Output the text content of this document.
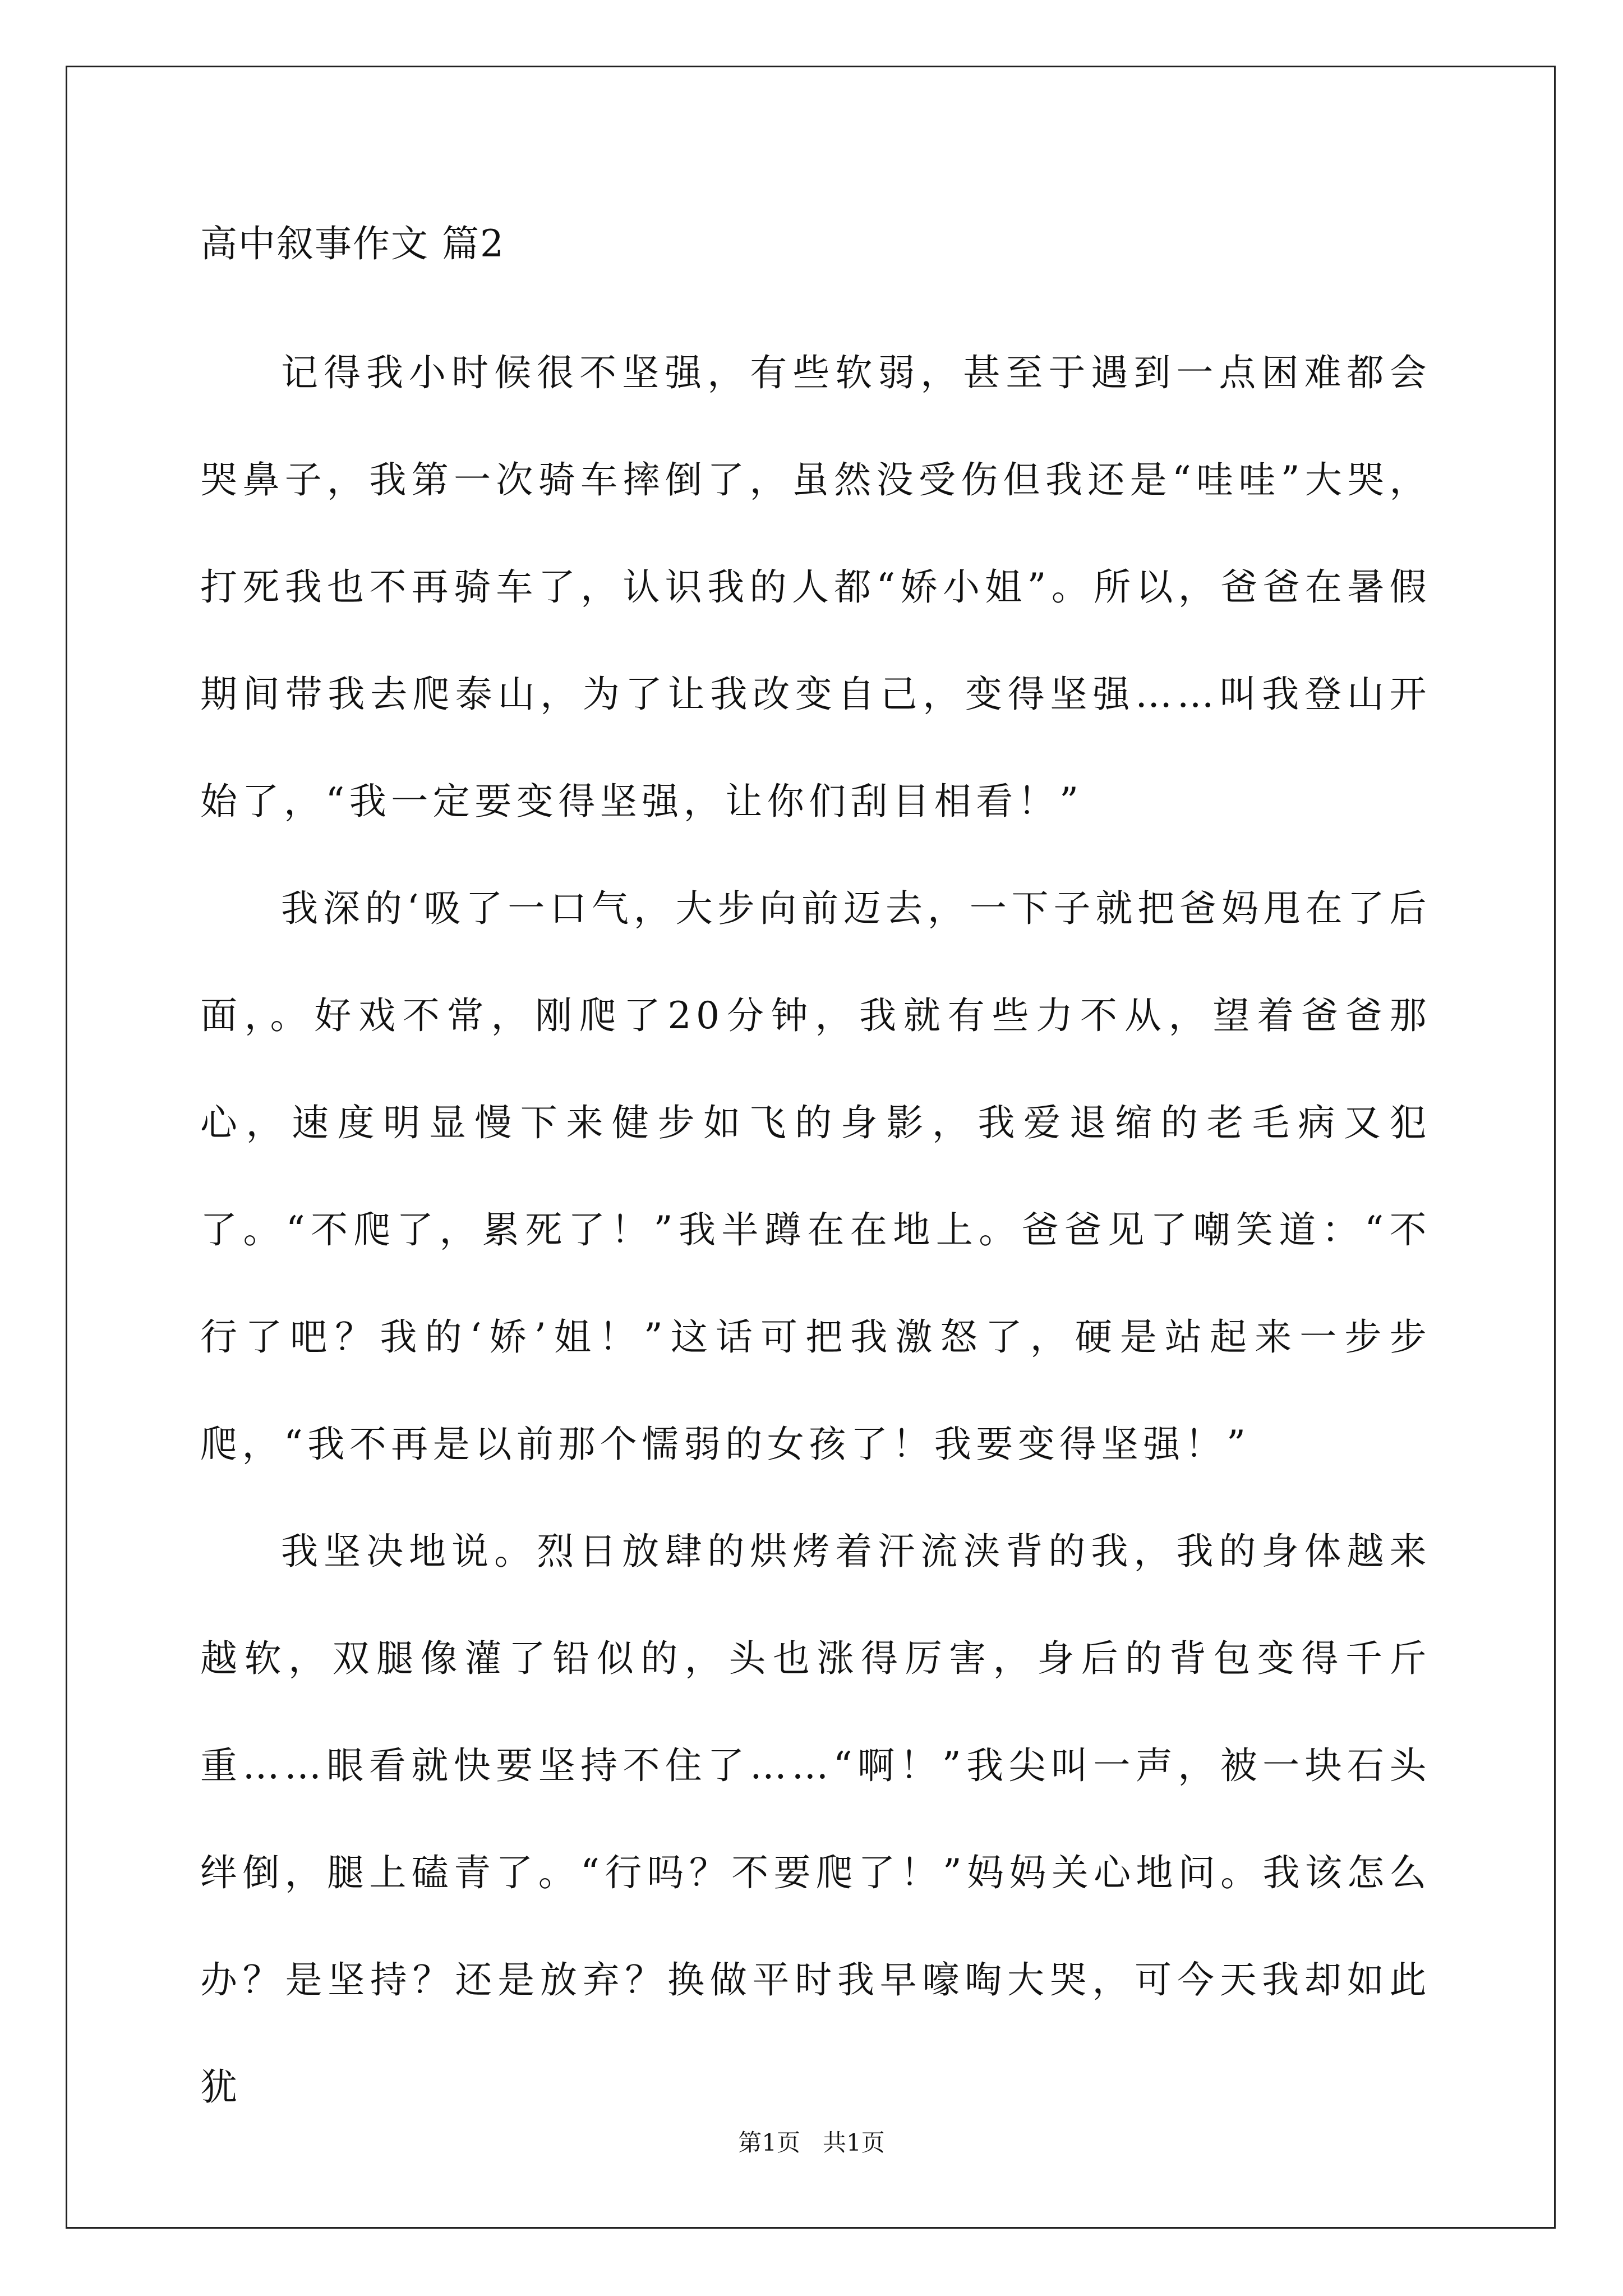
高中叙事作文 篇2

记得我小时候很不坚强，有些软弱，甚至于遇到一点困难都会哭鼻子，我第一次骑车摔倒了，虽然没受伤但我还是“哇哇”大哭，打死我也不再骑车了，认识我的人都“娇小姐”。所以，爸爸在暑假期间带我去爬泰山，为了让我改变自己，变得坚强……叫我登山开始了，“我一定要变得坚强，让你们刮目相看！”

我深的‘吸了一口气，大步向前迈去，一下子就把爸妈甩在了后面，。好戏不常，刚爬了20分钟，我就有些力不从，望着爸爸那心，速度明显慢下来健步如飞的身影，我爱退缩的老毛病又犯了。“不爬了，累死了！”我半蹲在在地上。爸爸见了嘲笑道：“不行了吧？我的‘娇’姐！”这话可把我激怒了，硬是站起来一步步爬，“我不再是以前那个懦弱的女孩了！我要变得坚强！”

我坚决地说。烈日放肆的烘烤着汗流浃背的我，我的身体越来越软，双腿像灌了铅似的，头也涨得厉害，身后的背包变得千斤重……眼看就快要坚持不住了……“啊！”我尖叫一声，被一块石头绊倒，腿上磕青了。“行吗？不要爬了！”妈妈关心地问。我该怎么办？是坚持？还是放弃？换做平时我早嚎啕大哭，可今天我却如此犹

第1页 共1页
